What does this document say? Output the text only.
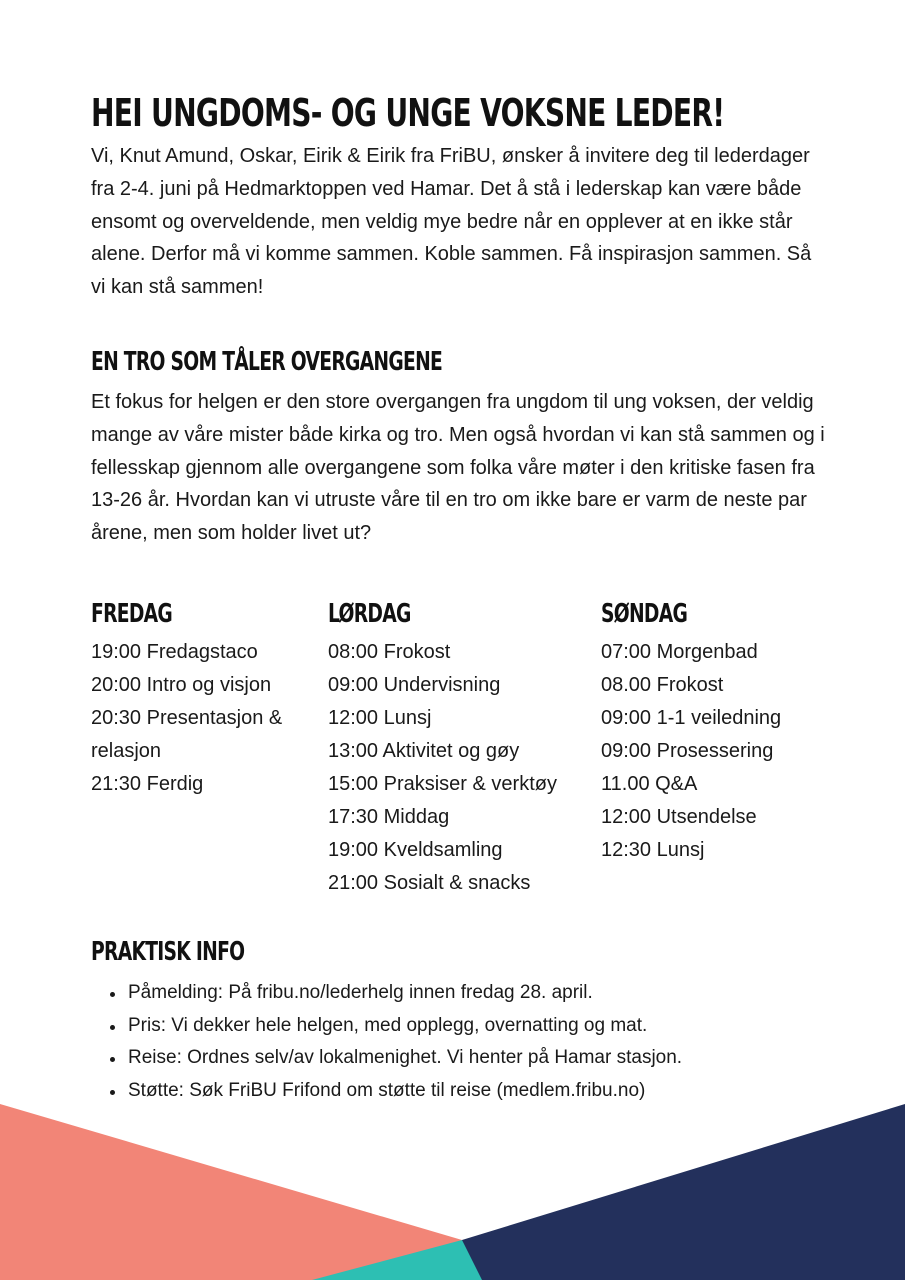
HEI UNGDOMS- OG UNGE VOKSNE LEDER!

Vi, Knut Amund, Oskar, Eirik & Eirik fra FriBU, ønsker å invitere deg til lederdager fra 2-4. juni på Hedmarktoppen ved Hamar. Det å stå i lederskap kan være både ensomt og overveldende, men veldig mye bedre når en opplever at en ikke står alene. Derfor må vi komme sammen. Koble sammen. Få inspirasjon sammen. Så vi kan stå sammen!

EN TRO SOM TÅLER OVERGANGENE

Et fokus for helgen er den store overgangen fra ungdom til ung voksen, der veldig mange av våre mister både kirka og tro. Men også hvordan vi kan stå sammen og i fellesskap gjennom alle overgangene som folka våre møter i den kritiske fasen fra 13-26 år. Hvordan kan vi utruste våre til en tro om ikke bare er varm de neste par årene, men som holder livet ut?

FREDAG
19:00 Fredagstaco
20:00 Intro og visjon
20:30 Presentasjon & relasjon
21:30 Ferdig
LØRDAG
08:00 Frokost
09:00 Undervisning
12:00 Lunsj
13:00 Aktivitet og gøy
15:00 Praksiser & verktøy
17:30 Middag
19:00 Kveldsamling
21:00 Sosialt & snacks
SØNDAG
07:00 Morgenbad
08.00 Frokost
09:00 1-1 veiledning
09:00 Prosessering
11.00 Q&A
12:00 Utsendelse
12:30 Lunsj
PRAKTISK INFO
Påmelding: På fribu.no/lederhelg innen fredag 28. april.
Pris: Vi dekker hele helgen, med opplegg, overnatting og mat.
Reise: Ordnes selv/av lokalmenighet. Vi henter på Hamar stasjon.
Støtte: Søk FriBU Frifond om støtte til reise (medlem.fribu.no)
